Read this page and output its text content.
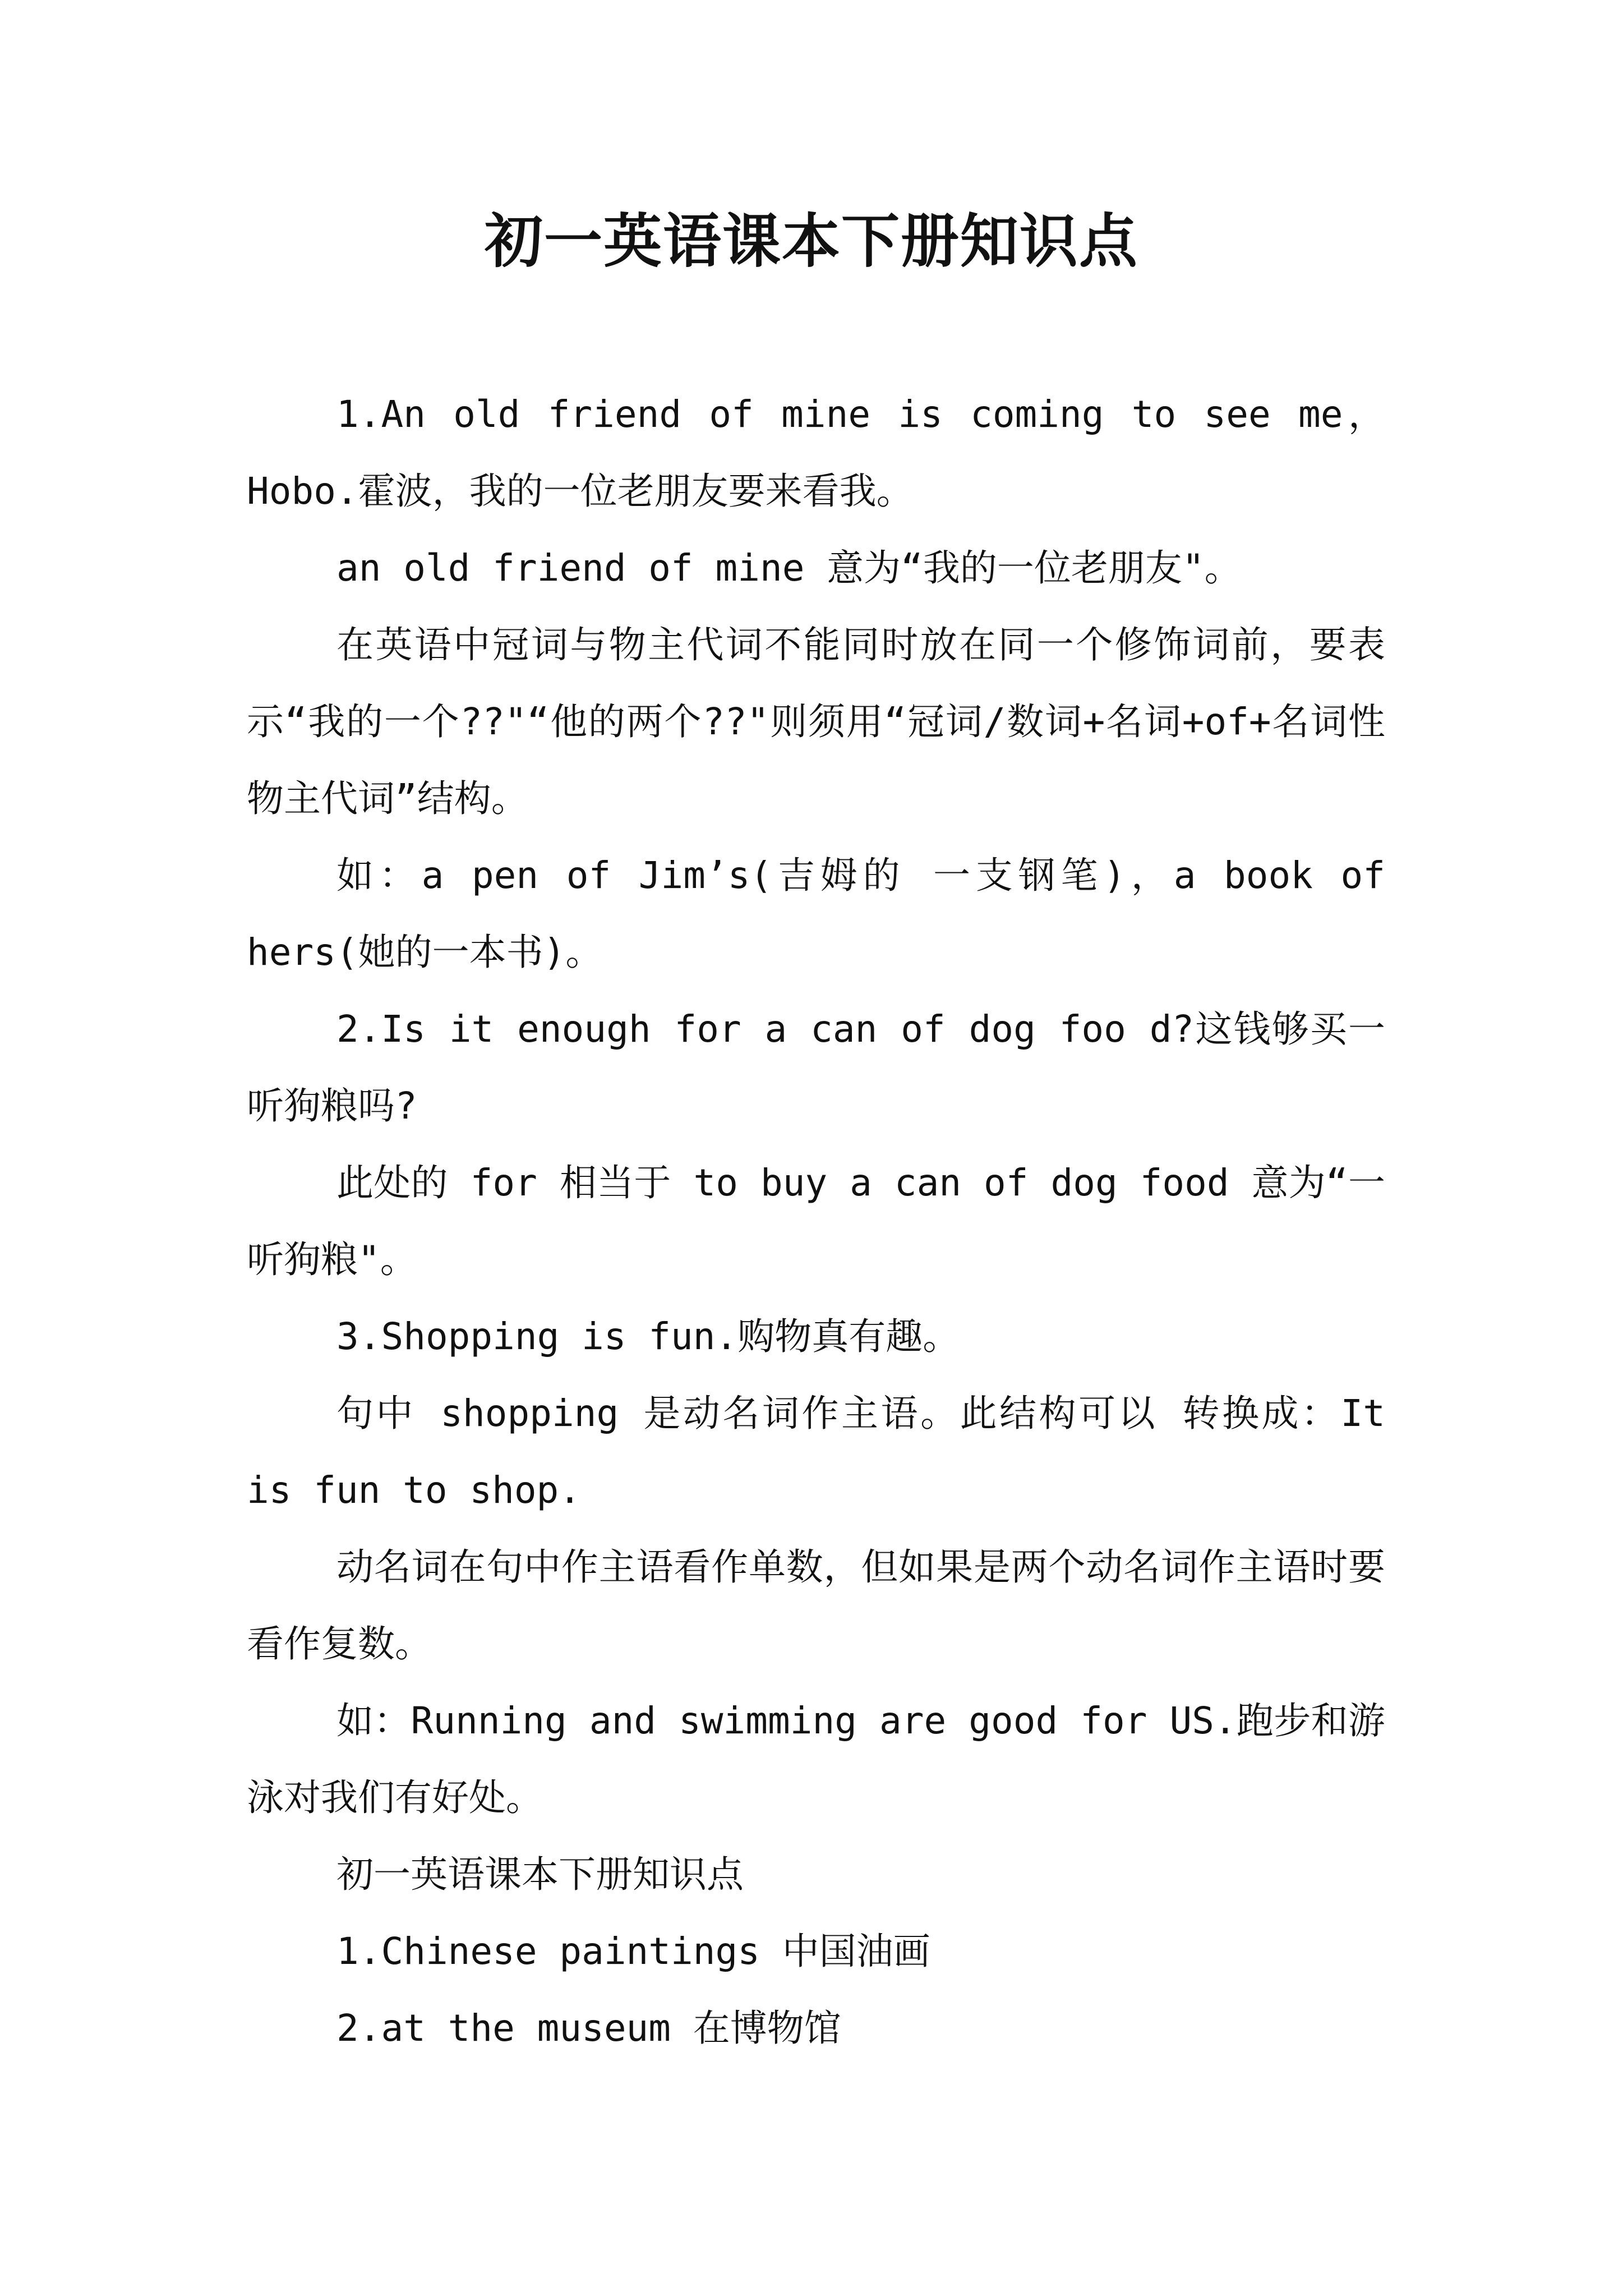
初一英语课本下册知识点

1.An old friend of mine is coming to see me，Hobo.霍波，我的一位老朋友要来看我。

an old friend of mine 意为“我的一位老朋友"。

在英语中冠词与物主代词不能同时放在同一个修饰词前，要表示“我的一个??"“他的两个??"则须用“冠词/数词+名词+of+名词性物主代词”结构。

如：a pen of Jim’s(吉姆的 一支钢笔)，a book of hers(她的一本书)。

2.Is it enough for a can of dog foo d?这钱够买一听狗粮吗?

此处的 for 相当于 to buy a can of dog food 意为“一听狗粮"。

3.Shopping is fun.购物真有趣。

句中 shopping 是动名词作主语。此结构可以 转换成：It is fun to shop.

动名词在句中作主语看作单数，但如果是两个动名词作主语时要看作复数。

如：Running and swimming are good for US.跑步和游泳对我们有好处。

初一英语课本下册知识点

1.Chinese paintings 中国油画

2.at the museum 在博物馆
